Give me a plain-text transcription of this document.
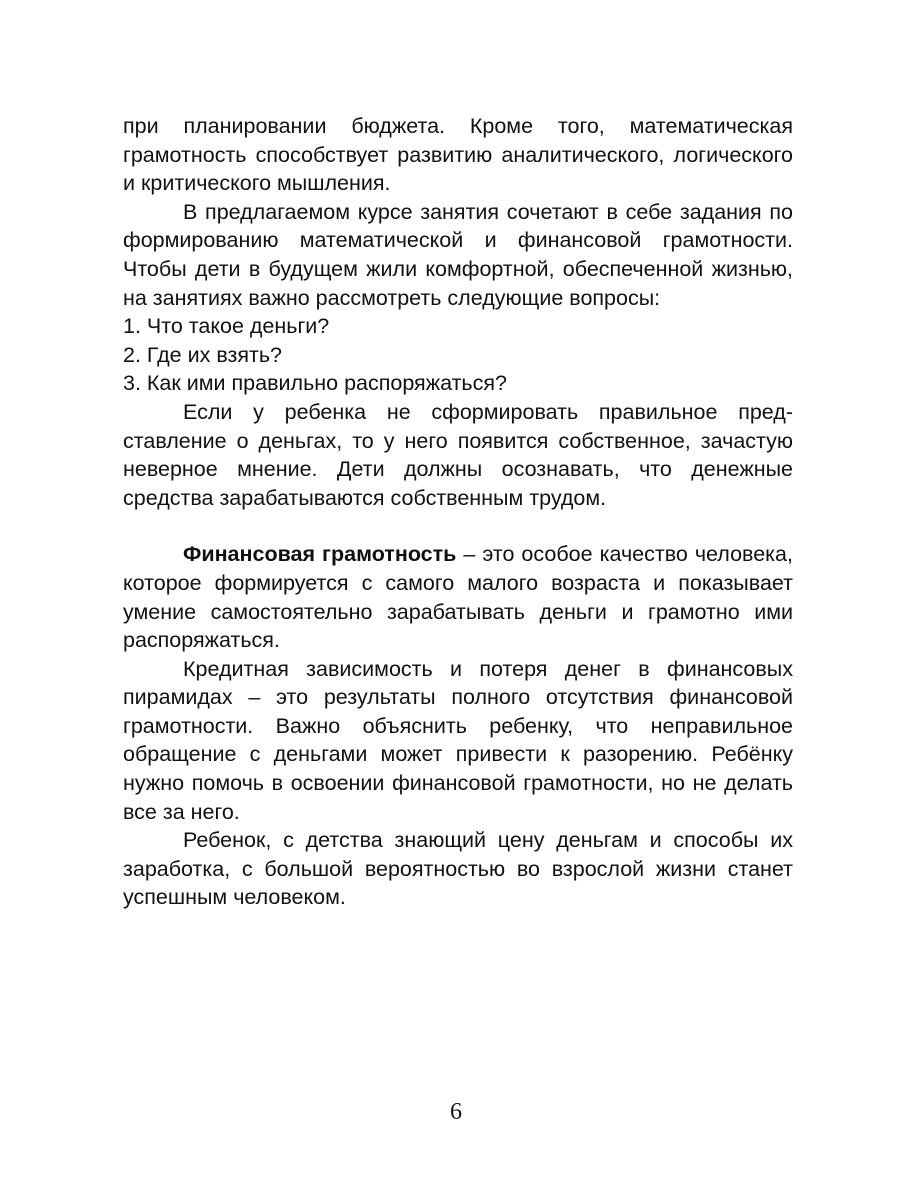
при планировании бюджета. Кроме того, математическая грамотность способствует развитию аналитического, логического и критического мышления.

В предлагаемом курсе занятия сочетают в себе задания по формированию математической и финансовой грамотности. Чтобы дети в будущем жили комфортной, обеспеченной жизнью, на занятиях важно рассмотреть следующие вопросы:

1. Что такое деньги?

2. Где их взять?

3. Как ими правильно распоряжаться?

Если у ребенка не сформировать правильное представление о деньгах, то у него появится собственное, зачастую неверное мнение. Дети должны осознавать, что денежные средства зарабатываются собственным трудом.

Финансовая грамотность – это особое качество человека, которое формируется с самого малого возраста и показывает умение самостоятельно зарабатывать деньги и грамотно ими распоряжаться.

Кредитная зависимость и потеря денег в финансовых пирамидах – это результаты полного отсутствия финансовой грамотности. Важно объяснить ребенку, что неправильное обращение с деньгами может привести к разорению. Ребёнку нужно помочь в освоении финансовой грамотности, но не делать все за него.

Ребенок, с детства знающий цену деньгам и способы их заработка, с большой вероятностью во взрослой жизни станет успешным человеком.

6
